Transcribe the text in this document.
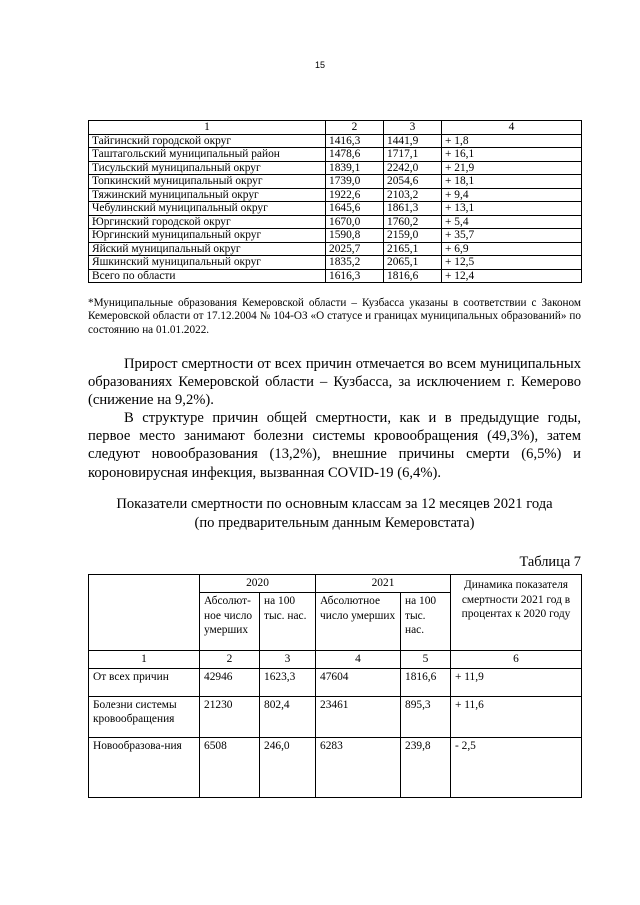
15
1	2	3	4
Тайгинский городской округ	1416,3	1441,9	+ 1,8
Таштагольский муниципальный район	1478,6	1717,1	+ 16,1
Тисульский муниципальный округ	1839,1	2242,0	+ 21,9
Топкинский муниципальный округ	1739,0	2054,6	+ 18,1
Тяжинский муниципальный округ	1922,6	2103,2	+ 9,4
Чебулинский муниципальный округ	1645,6	1861,3	+ 13,1
Юргинский городской округ	1670,0	1760,2	+ 5,4
Юргинский муниципальный округ	1590,8	2159,0	+ 35,7
Яйский муниципальный округ	2025,7	2165,1	+ 6,9
Яшкинский муниципальный округ	1835,2	2065,1	+ 12,5
Всего по области	1616,3	1816,6	+ 12,4
*Муниципальные образования Кемеровской области – Кузбасса указаны в соответствии с Законом Кемеровской области от 17.12.2004 № 104-ОЗ «О статусе и границах муниципальных образований» по состоянию на 01.01.2022.

Прирост смертности от всех причин отмечается во всем муниципальных образованиях Кемеровской области – Кузбасса, за исключением г. Кемерово (снижение на 9,2%).

В структуре причин общей смертности, как и в предыдущие годы, первое место занимают болезни системы кровообращения (49,3%), затем следуют новообразования (13,2%), внешние причины смерти (6,5%) и короновирусная инфекция, вызванная COVID-19 (6,4%).

Показатели смертности по основным классам за 12 месяцев 2021 года
(по предварительным данным Кемеровстата)
Таблица 7
	2020		2021		Динамика показателя смертности 2021 год в процентах к 2020 году
	Абсолют-ное число умерших	на 100 тыс. нас.	Абсолютное число умерших	на 100 тыс. нас.	
1	2	3	4	5	6
От всех причин	42946	1623,3	47604	1816,6	+ 11,9
Болезни системы кровообращения	21230	802,4	23461	895,3	+ 11,6
Новообразова-ния	6508	246,0	6283	239,8	- 2,5
